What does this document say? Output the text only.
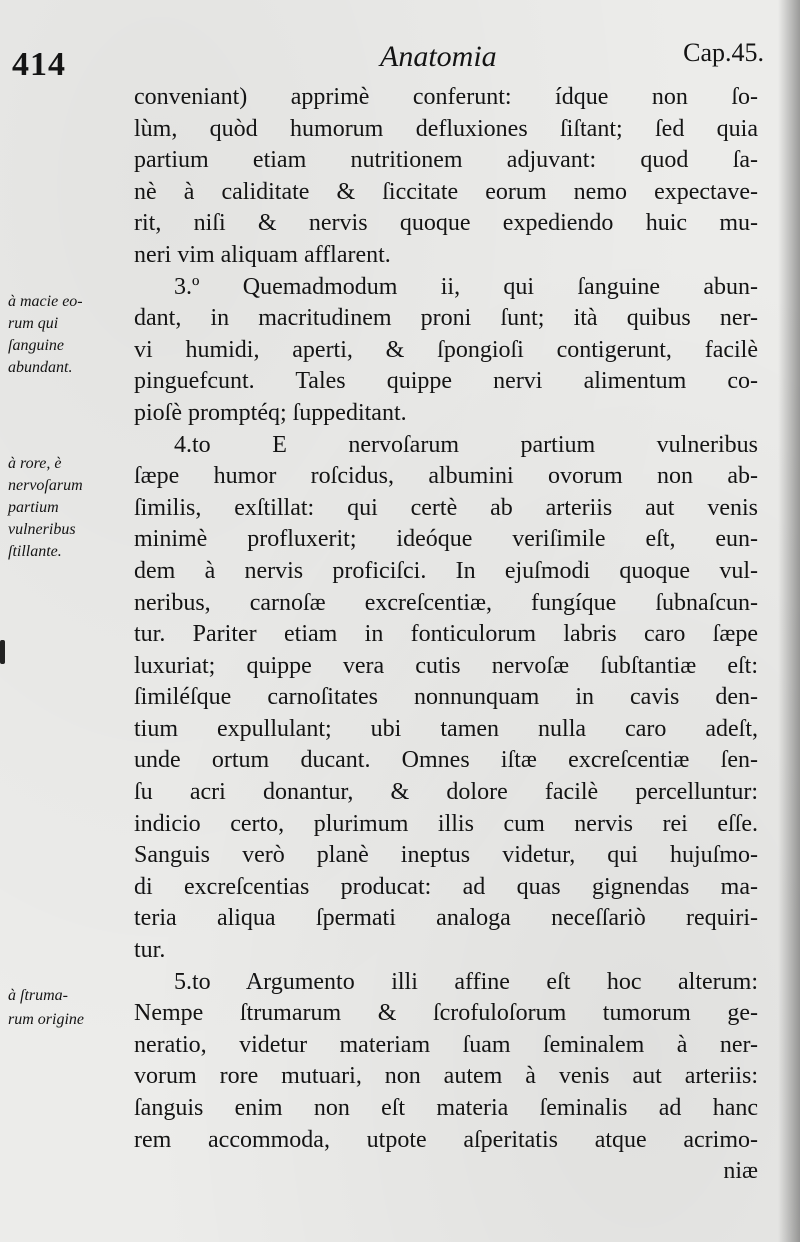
414	Anatomia	Cap.45.
à macie eo-
rum qui
ſanguine
abundant.
à rore, è
nervoſarum
partium
vulneribus
ſtillante.
à ſtruma-
rum origine
conveniant) apprimè conferunt: ídque non ſo-
lùm, quòd humorum defluxiones ſiſtant; ſed quia
partium etiam nutritionem adjuvant: quod ſa-
nè à caliditate & ſiccitate eorum nemo expectave-
rit, niſi & nervis quoque expediendo huic mu-
neri vim aliquam afflarent.
3.º Quemadmodum ii, qui ſanguine abun-
dant, in macritudinem proni ſunt; ità quibus ner-
vi humidi, aperti, & ſpongioſi contigerunt, facilè
pinguefcunt. Tales quippe nervi alimentum co-
pioſè promptéq; ſuppeditant.
4.to E nervoſarum partium vulneribus
ſæpe humor roſcidus, albumini ovorum non ab-
ſimilis, exſtillat: qui certè ab arteriis aut venis
minimè profluxerit; ideóque veriſimile eſt, eun-
dem à nervis proficiſci. In ejuſmodi quoque vul-
neribus, carnoſæ excreſcentiæ, fungíque ſubnaſcun-
tur. Pariter etiam in fonticulorum labris caro ſæpe
luxuriat; quippe vera cutis nervoſæ ſubſtantiæ eſt:
ſimiléſque carnoſitates nonnunquam in cavis den-
tium expullulant; ubi tamen nulla caro adeſt,
unde ortum ducant. Omnes iſtæ excreſcentiæ ſen-
ſu acri donantur, & dolore facilè percelluntur:
indicio certo, plurimum illis cum nervis rei eſſe.
Sanguis verò planè ineptus videtur, qui hujuſmo-
di excreſcentias producat: ad quas gignendas ma-
teria aliqua ſpermati analoga neceſſariò requiri-
tur.
5.to Argumento illi affine eſt hoc alterum:
Nempe ſtrumarum & ſcrofuloſorum tumorum ge-
neratio, videtur materiam ſuam ſeminalem à ner-
vorum rore mutuari, non autem à venis aut arteriis:
ſanguis enim non eſt materia ſeminalis ad hanc
rem accommoda, utpote aſperitatis atque acrimo-
niæ
